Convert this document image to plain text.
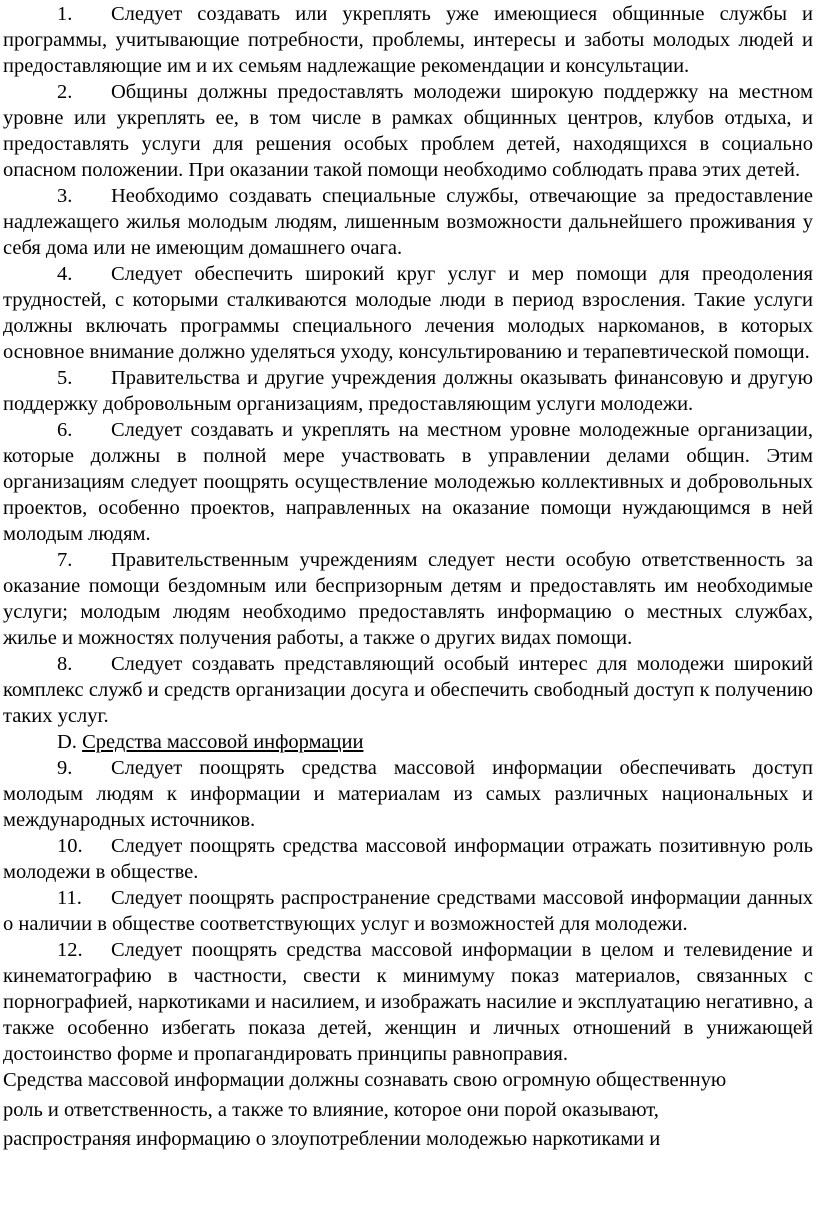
1. Следует создавать или укреплять уже имеющиеся общинные службы и программы, учитывающие потребности, проблемы, интересы и заботы молодых людей и предоставляющие им и их семьям надлежащие рекомендации и консультации.

2. Общины должны предоставлять молодежи широкую поддержку на местном уровне или укреплять ее, в том числе в рамках общинных центров, клубов отдыха, и предоставлять услуги для решения особых проблем детей, находящихся в социально опасном положении. При оказании такой помощи необходимо соблюдать права этих детей.

3. Необходимо создавать специальные службы, отвечающие за предоставление надлежащего жилья молодым людям, лишенным возможности дальнейшего проживания у себя дома или не имеющим домашнего очага.

4. Следует обеспечить широкий круг услуг и мер помощи для преодоления трудностей, с которыми сталкиваются молодые люди в период взросления. Такие услуги должны включать программы специального лечения молодых наркоманов, в которых основное внимание должно уделяться уходу, консультированию и терапевтической помощи.

5. Правительства и другие учреждения должны оказывать финансовую и другую поддержку добровольным организациям, предоставляющим услуги молодежи.

6. Следует создавать и укреплять на местном уровне молодежные организации, которые должны в полной мере участвовать в управлении делами общин. Этим организациям следует поощрять осуществление молодежью коллективных и добровольных проектов, особенно проектов, направленных на оказание помощи нуждающимся в ней молодым людям.

7. Правительственным учреждениям следует нести особую ответственность за оказание помощи бездомным или беспризорным детям и предоставлять им необходимые услуги; молодым людям необходимо предоставлять информацию о местных службах, жилье и можностях получения работы, а также о других видах помощи.

8. Следует создавать представляющий особый интерес для молодежи широкий комплекс служб и средств организации досуга и обеспечить свободный доступ к получению таких услуг.

D. Средства массовой информации

9. Следует поощрять средства массовой информации обеспечивать доступ молодым людям к информации и материалам из самых различных национальных и международных источников.

10. Следует поощрять средства массовой информации отражать позитивную роль молодежи в обществе.

11. Следует поощрять распространение средствами массовой информации данных о наличии в обществе соответствующих услуг и возможностей для молодежи.

12. Следует поощрять средства массовой информации в целом и телевидение и кинематографию в частности, свести к минимуму показ материалов, связанных с порнографией, наркотиками и насилием, и изображать насилие и эксплуатацию негативно, а также особенно избегать показа детей, женщин и личных отношений в унижающей достоинство форме и пропагандировать принципы равноправия.

Средства массовой информации должны сознавать свою огромную общественную
роль и ответственность, а также то влияние, которое они порой оказывают,
распространяя информацию о злоупотреблении молодежью наркотиками и
